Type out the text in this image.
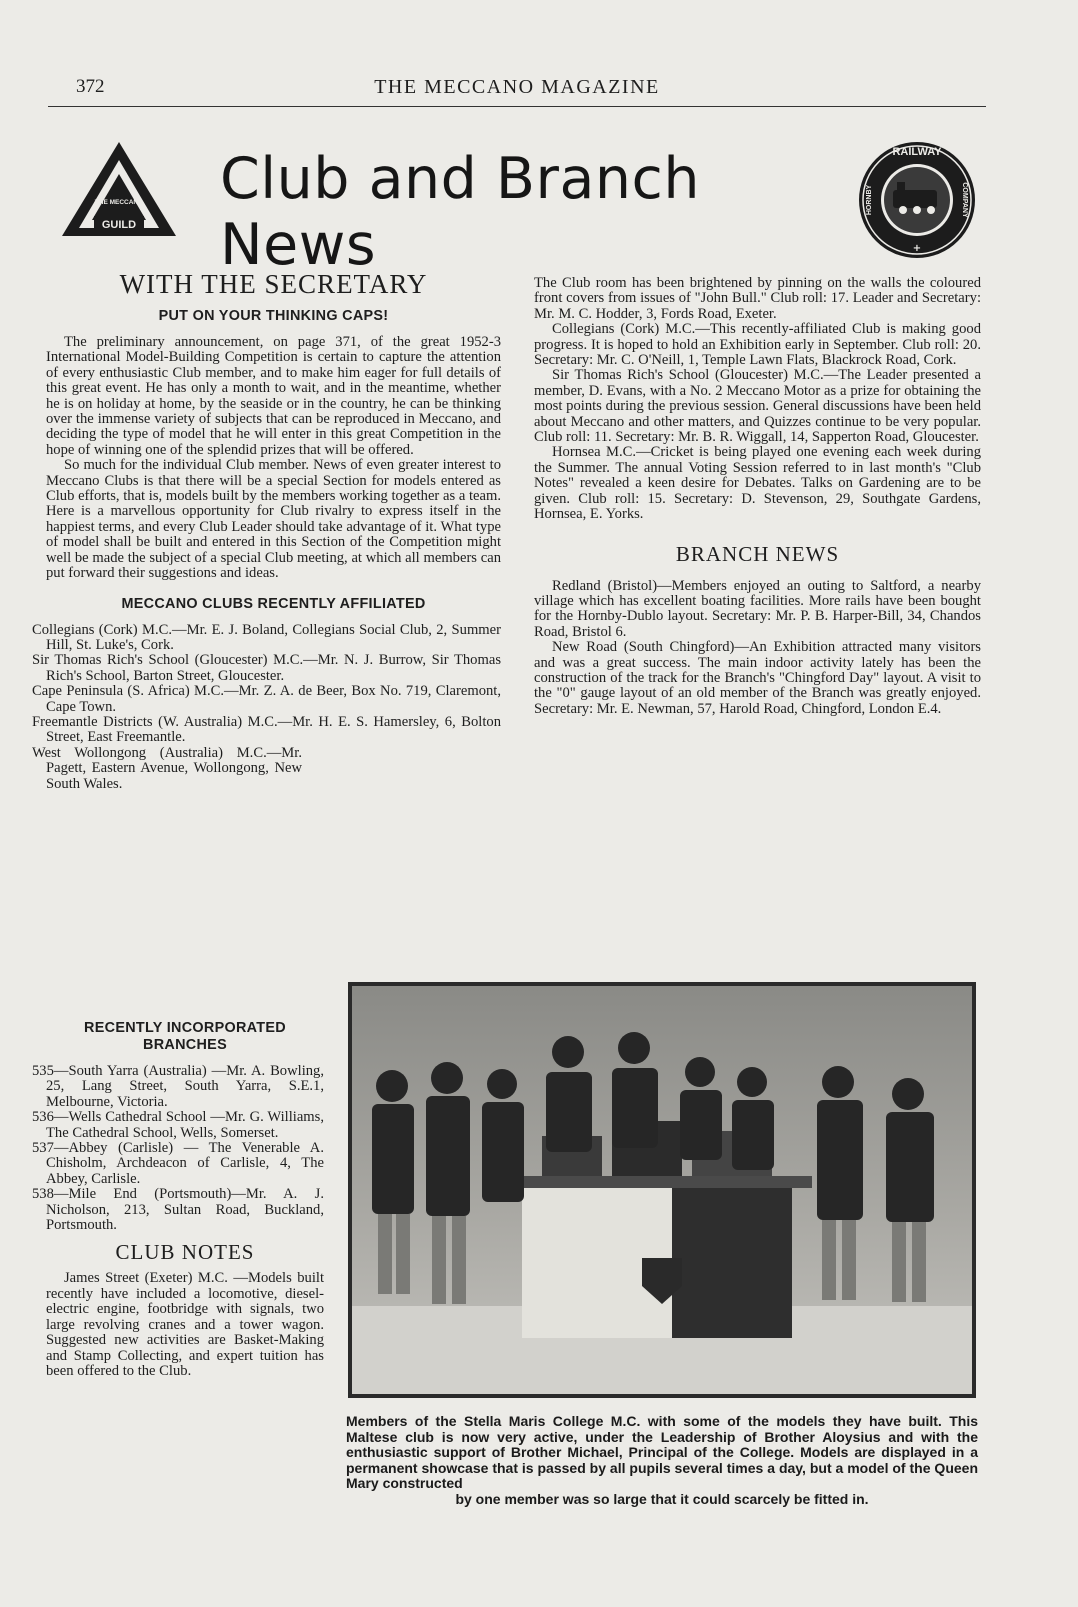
372	THE MECCANO MAGAZINE
GUILD
THE MECCANO Club and Branch News
RAILWAY
HORNBY	COMPANY
+
WITH THE SECRETARY
PUT ON YOUR THINKING CAPS!

The preliminary announcement, on page 371, of the great 1952-3 International Model-Building Competition is certain to capture the attention of every enthusiastic Club member, and to make him eager for full details of this great event. He has only a month to wait, and in the meantime, whether he is on holiday at home, by the seaside or in the country, he can be thinking over the immense variety of subjects that can be reproduced in Meccano, and deciding the type of model that he will enter in this great Competition in the hope of winning one of the splendid prizes that will be offered.

So much for the individual Club member. News of even greater interest to Meccano Clubs is that there will be a special Section for models entered as Club efforts, that is, models built by the members working together as a team. Here is a marvellous opportunity for Club rivalry to express itself in the happiest terms, and every Club Leader should take advantage of it. What type of model shall be built and entered in this Section of the Competition might well be made the subject of a special Club meeting, at which all members can put forward their suggestions and ideas.

MECCANO CLUBS RECENTLY AFFILIATED

Collegians (Cork) M.C.—Mr. E. J. Boland, Collegians Social Club, 2, Summer Hill, St. Luke's, Cork.

Sir Thomas Rich's School (Gloucester) M.C.—Mr. N. J. Burrow, Sir Thomas Rich's School, Barton Street, Gloucester.

Cape Peninsula (S. Africa) M.C.—Mr. Z. A. de Beer, Box No. 719, Claremont, Cape Town.

Freemantle Districts (W. Australia) M.C.—Mr. H. E. S. Hamersley, 6, Bolton Street, East Freemantle.

West Wollongong (Australia) M.C.—Mr. Pagett, Eastern Avenue, Wollongong, New South Wales.

RECENTLY INCORPORATED BRANCHES

535—South Yarra (Australia) —Mr. A. Bowling, 25, Lang Street, South Yarra, S.E.1, Melbourne, Victoria.

536—Wells Cathedral School —Mr. G. Williams, The Cathedral School, Wells, Somerset.

537—Abbey (Carlisle) — The Venerable A. Chisholm, Archdeacon of Carlisle, 4, The Abbey, Carlisle.

538—Mile End (Portsmouth)—Mr. A. J. Nicholson, 213, Sultan Road, Buckland, Portsmouth.

CLUB NOTES

James Street (Exeter) M.C. —Models built recently have included a locomotive, diesel-electric engine, footbridge with signals, two large revolving cranes and a tower wagon. Suggested new activities are Basket-Making and Stamp Collecting, and expert tuition has been offered to the Club.

The Club room has been brightened by pinning on the walls the coloured front covers from issues of "John Bull." Club roll: 17. Leader and Secretary: Mr. M. C. Hodder, 3, Fords Road, Exeter.

Collegians (Cork) M.C.—This recently-affiliated Club is making good progress. It is hoped to hold an Exhibition early in September. Club roll: 20. Secretary: Mr. C. O'Neill, 1, Temple Lawn Flats, Blackrock Road, Cork.

Sir Thomas Rich's School (Gloucester) M.C.—The Leader presented a member, D. Evans, with a No. 2 Meccano Motor as a prize for obtaining the most points during the previous session. General discussions have been held about Meccano and other matters, and Quizzes continue to be very popular. Club roll: 11. Secretary: Mr. B. R. Wiggall, 14, Sapperton Road, Gloucester.

Hornsea M.C.—Cricket is being played one evening each week during the Summer. The annual Voting Session referred to in last month's "Club Notes" revealed a keen desire for Debates. Talks on Gardening are to be given. Club roll: 15. Secretary: D. Stevenson, 29, Southgate Gardens, Hornsea, E. Yorks.

BRANCH NEWS

Redland (Bristol)—Members enjoyed an outing to Saltford, a nearby village which has excellent boating facilities. More rails have been bought for the Hornby-Dublo layout. Secretary: Mr. P. B. Harper-Bill, 34, Chandos Road, Bristol 6.

New Road (South Chingford)—An Exhibition attracted many visitors and was a great success. The main indoor activity lately has been the construction of the track for the Branch's "Chingford Day" layout. A visit to the "0" gauge layout of an old member of the Branch was greatly enjoyed. Secretary: Mr. E. Newman, 57, Harold Road, Chingford, London E.4.

Members of the Stella Maris College M.C. with some of the models they have built. This Maltese club is now very active, under the Leadership of Brother Aloysius and with the enthusiastic support of Brother Michael, Principal of the College. Models are displayed in a permanent showcase that is passed by all pupils several times a day, but a model of the Queen Mary constructed
by one member was so large that it could scarcely be fitted in.
